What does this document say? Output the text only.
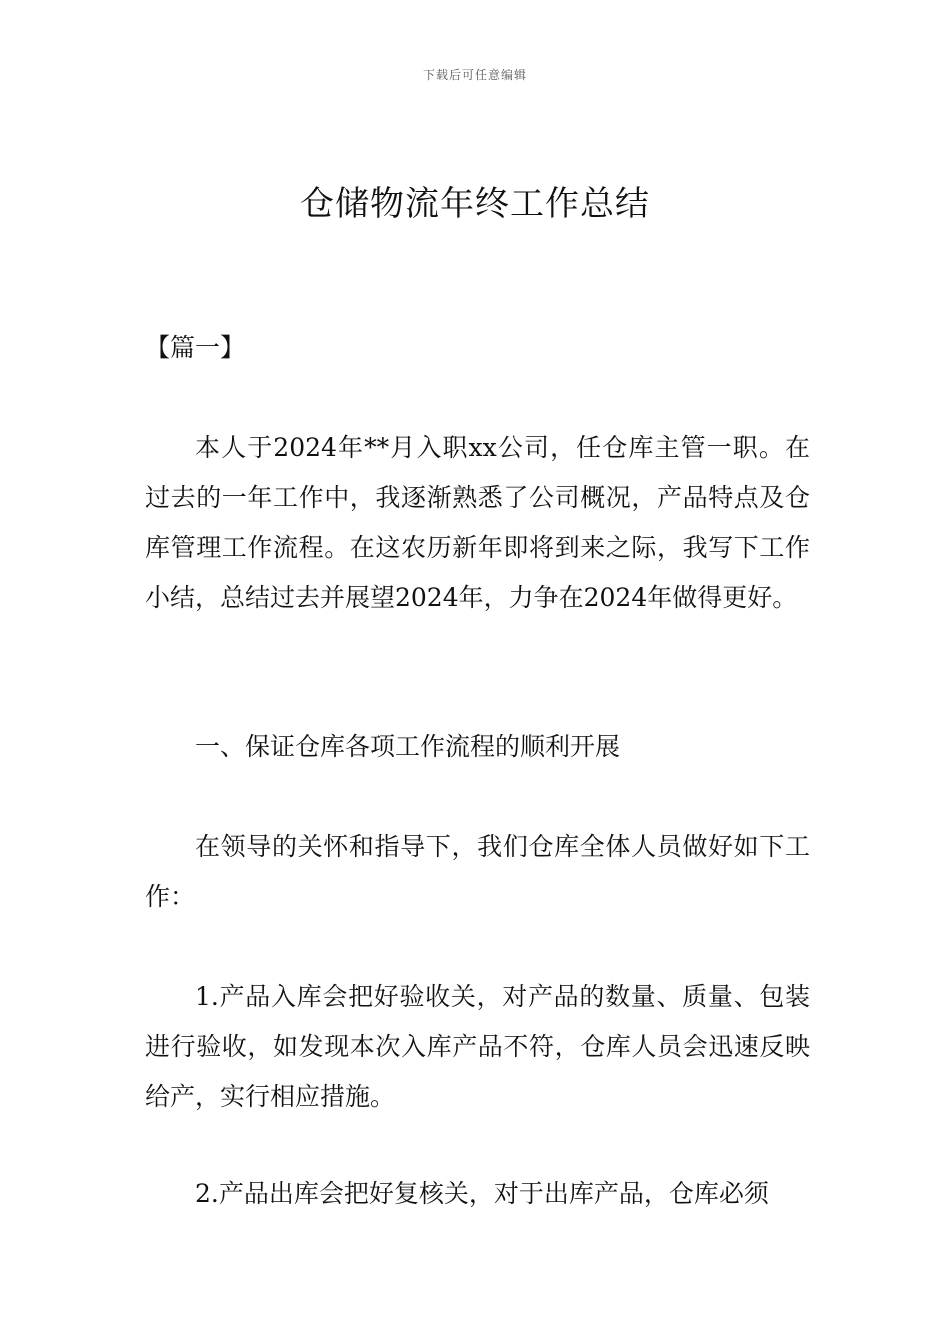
下载后可任意编辑
仓储物流年终工作总结

【篇一】

本人于2024年**月入职xx公司，任仓库主管一职。在过去的一年工作中，我逐渐熟悉了公司概况，产品特点及仓库管理工作流程。在这农历新年即将到来之际，我写下工作小结，总结过去并展望2024年，力争在2024年做得更好。

一、保证仓库各项工作流程的顺利开展

在领导的关怀和指导下，我们仓库全体人员做好如下工作：

1.产品入库会把好验收关，对产品的数量、质量、包装进行验收，如发现本次入库产品不符，仓库人员会迅速反映给产，实行相应措施。

2.产品出库会把好复核关，对于出库产品，仓库必须
